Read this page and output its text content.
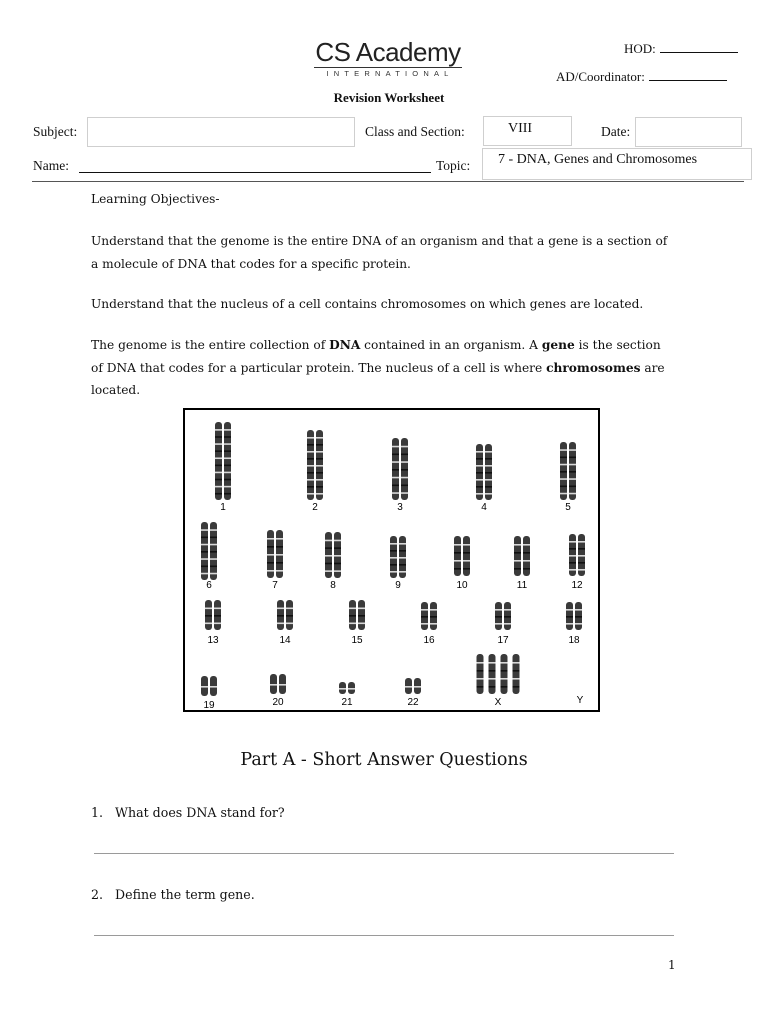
CS Academy
INTERNATIONAL
HOD:
AD/Coordinator:
Revision Worksheet
Subject:	Class and Section:	VIII	Date:
Name:	Topic:	7 - DNA, Genes and Chromosomes
Learning Objectives-
Understand that the genome is the entire DNA of an organism and that a gene is a section of
a molecule of DNA that codes for a specific protein.
Understand that the nucleus of a cell contains chromosomes on which genes are located.
The genome is the entire collection of DNA contained in an organism. A gene is the section
of DNA that codes for a particular protein. The nucleus of a cell is where chromosomes are
located.
1	2	3	4	5
6	7	8	9	10	11	12
13	14	15	16	17	18
19	20	21	22	X	Y
Part A - Short Answer Questions
1. What does DNA stand for?
2. Define the term gene.
1
